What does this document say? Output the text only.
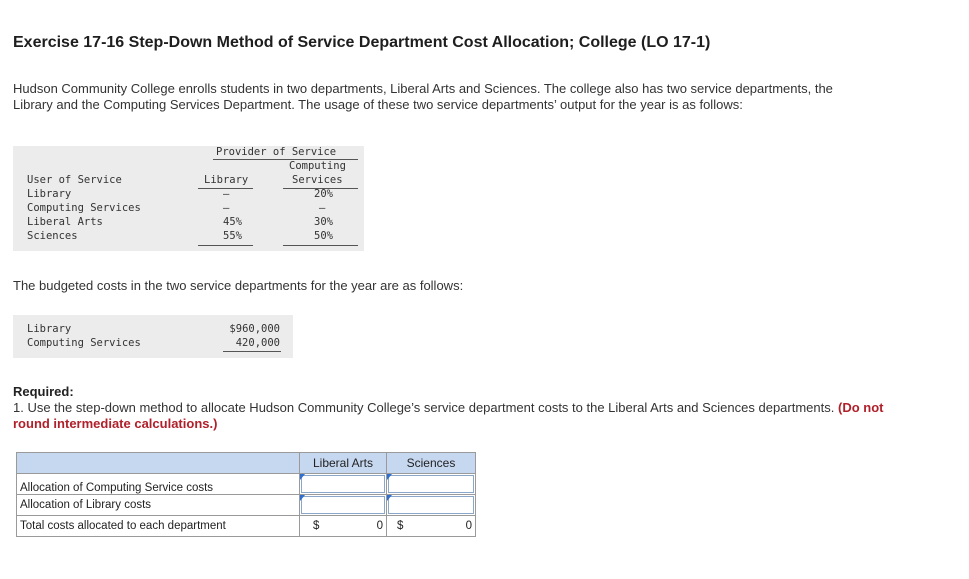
Exercise 17-16 Step-Down Method of Service Department Cost Allocation; College (LO 17-1)
Hudson Community College enrolls students in two departments, Liberal Arts and Sciences. The college also has two service departments, the Library and the Computing Services Department. The usage of these two service departments’ output for the year is as follows:
Provider of Service
Computing
User of Service	Library	Services
Library	–	20%
Computing Services	–	–
Liberal Arts	45%	30%
Sciences	55%	50%
The budgeted costs in the two service departments for the year are as follows:
Library	$960,000
Computing Services	420,000
Required:
1. Use the step-down method to allocate Hudson Community College’s service department costs to the Liberal Arts and Sciences departments. (Do not round intermediate calculations.)
	Liberal Arts	Sciences
Allocation of Computing Service costs	

Allocation of Library costs	

Total costs allocated to each department	$ 0	$ 0
